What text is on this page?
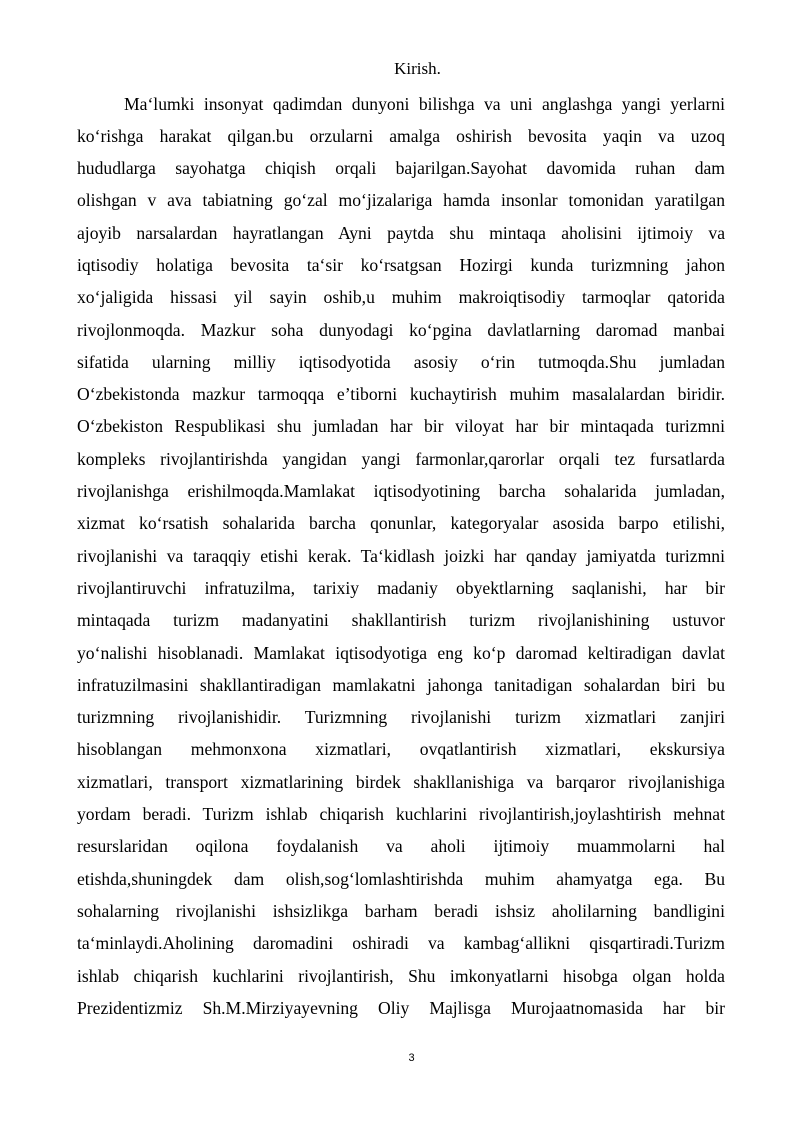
Kirish.
Maʻlumki insonyat qadimdan dunyoni bilishga va uni anglashga yangi yerlarni
koʻrishga harakat qilgan.bu orzularni amalga oshirish bevosita yaqin va uzoq
hududlarga sayohatga chiqish orqali bajarilgan.Sayohat davomida ruhan dam
olishgan v ava tabiatning goʻzal moʻjizalariga hamda insonlar tomonidan yaratilgan
ajoyib narsalardan hayratlangan Ayni paytda shu mintaqa aholisini ijtimoiy va
iqtisodiy holatiga bevosita taʻsir koʻrsatgsan Hozirgi kunda turizmning jahon
xoʻjaligida hissasi yil sayin oshib,u muhim makroiqtisodiy tarmoqlar qatorida
rivojlonmoqda. Mazkur soha dunyodagi koʻpgina davlatlarning daromad manbai
sifatida ularning milliy iqtisodyotida asosiy oʻrin tutmoqda.Shu jumladan
Oʻzbekistonda mazkur tarmoqqa e’tiborni kuchaytirish muhim masalalardan biridir.
Oʻzbekiston Respublikasi shu jumladan har bir viloyat har bir mintaqada turizmni
kompleks rivojlantirishda yangidan yangi farmonlar,qarorlar orqali tez fursatlarda
rivojlanishga erishilmoqda.Mamlakat iqtisodyotining barcha sohalarida jumladan,
xizmat koʻrsatish sohalarida barcha qonunlar, kategoryalar asosida barpo etilishi,
rivojlanishi va taraqqiy etishi kerak. Taʻkidlash joizki har qanday jamiyatda turizmni
rivojlantiruvchi infratuzilma, tarixiy madaniy obyektlarning saqlanishi, har bir
mintaqada turizm madanyatini shakllantirish turizm rivojlanishining ustuvor
yoʻnalishi hisoblanadi. Mamlakat iqtisodyotiga eng koʻp daromad keltiradigan davlat
infratuzilmasini shakllantiradigan mamlakatni jahonga tanitadigan sohalardan biri bu
turizmning rivojlanishidir. Turizmning rivojlanishi turizm xizmatlari zanjiri
hisoblangan mehmonxona xizmatlari, ovqatlantirish xizmatlari, ekskursiya
xizmatlari, transport xizmatlarining birdek shakllanishiga va barqaror rivojlanishiga
yordam beradi. Turizm ishlab chiqarish kuchlarini rivojlantirish,joylashtirish mehnat
resurslaridan oqilona foydalanish va aholi ijtimoiy muammolarni hal
etishda,shuningdek dam olish,sogʻlomlashtirishda muhim ahamyatga ega. Bu
sohalarning rivojlanishi ishsizlikga barham beradi ishsiz aholilarning bandligini
taʻminlaydi.Aholining daromadini oshiradi va kambagʻallikni qisqartiradi.Turizm
ishlab chiqarish kuchlarini rivojlantirish, Shu imkonyatlarni hisobga olgan holda
Prezidentizmiz Sh.M.Mirziyayevning Oliy Majlisga Murojaatnomasida har bir
3
